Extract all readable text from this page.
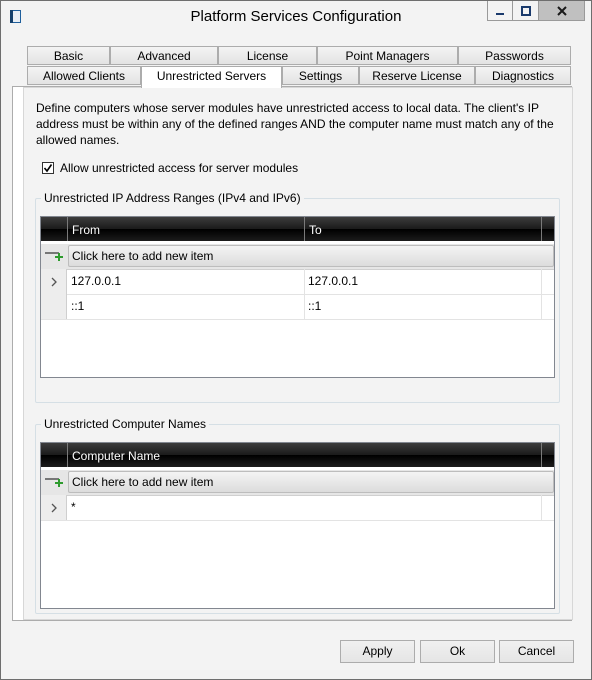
Platform Services Configuration
Basic	Advanced	License	Point Managers	Passwords
Allowed Clients	Unrestricted Servers	Settings	Reserve License	Diagnostics
Define computers whose server modules have unrestricted access to local data. The client's IP address must be within any of the defined ranges AND the computer name must match any of the allowed names.
Allow unrestricted access for server modules
Unrestricted IP Address Ranges (IPv4 and IPv6)
From	To
Click here to add new item
127.0.0.1	127.0.0.1
::1	::1
Unrestricted Computer Names
Computer Name
Click here to add new item
*
Apply	Ok	Cancel
